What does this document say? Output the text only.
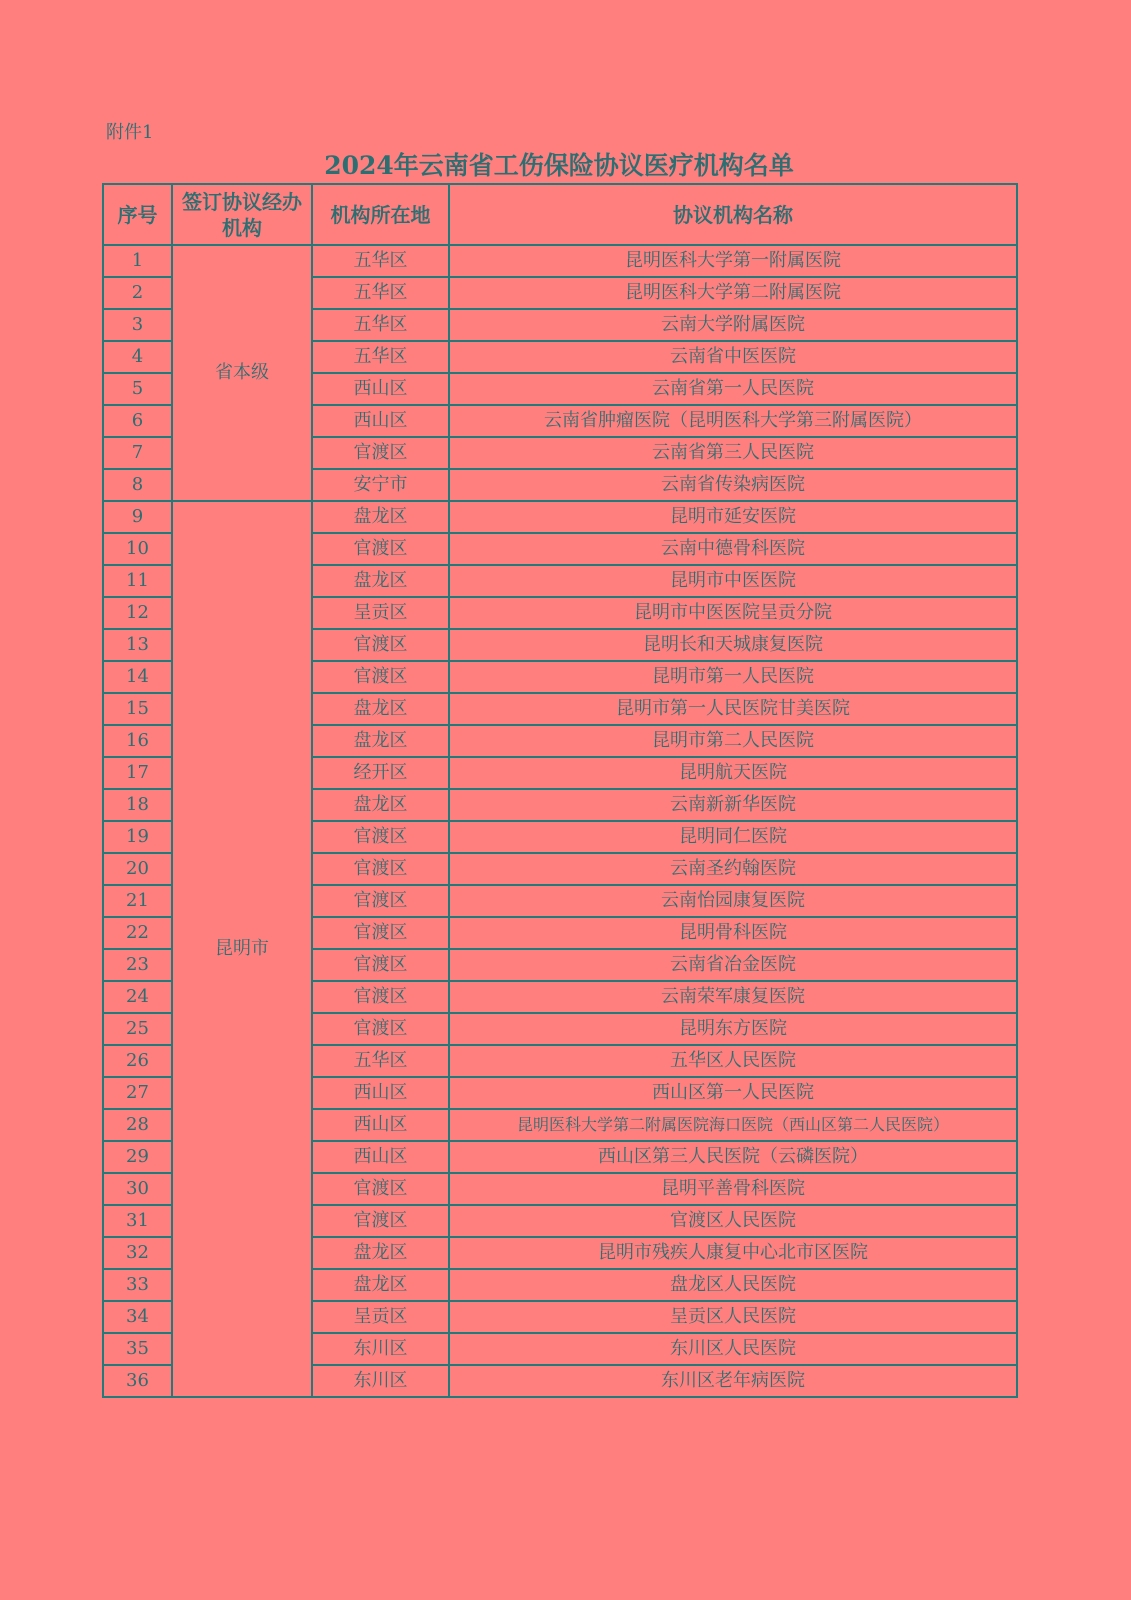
附件1
2024年云南省工伤保险协议医疗机构名单
序号	签订协议经办机构	机构所在地	协议机构名称
1	省本级	五华区	昆明医科大学第一附属医院
2		五华区	昆明医科大学第二附属医院
3		五华区	云南大学附属医院
4		五华区	云南省中医医院
5		西山区	云南省第一人民医院
6		西山区	云南省肿瘤医院（昆明医科大学第三附属医院）
7		官渡区	云南省第三人民医院
8		安宁市	云南省传染病医院
9	昆明市	盘龙区	昆明市延安医院
10		官渡区	云南中德骨科医院
11		盘龙区	昆明市中医医院
12		呈贡区	昆明市中医医院呈贡分院
13		官渡区	昆明长和天城康复医院
14		官渡区	昆明市第一人民医院
15		盘龙区	昆明市第一人民医院甘美医院
16		盘龙区	昆明市第二人民医院
17		经开区	昆明航天医院
18		盘龙区	云南新新华医院
19		官渡区	昆明同仁医院
20		官渡区	云南圣约翰医院
21		官渡区	云南怡园康复医院
22		官渡区	昆明骨科医院
23		官渡区	云南省冶金医院
24		官渡区	云南荣军康复医院
25		官渡区	昆明东方医院
26		五华区	五华区人民医院
27		西山区	西山区第一人民医院
28		西山区	昆明医科大学第二附属医院海口医院（西山区第二人民医院）
29		西山区	西山区第三人民医院（云磷医院）
30		官渡区	昆明平善骨科医院
31		官渡区	官渡区人民医院
32		盘龙区	昆明市残疾人康复中心北市区医院
33		盘龙区	盘龙区人民医院
34		呈贡区	呈贡区人民医院
35		东川区	东川区人民医院
36		东川区	东川区老年病医院
